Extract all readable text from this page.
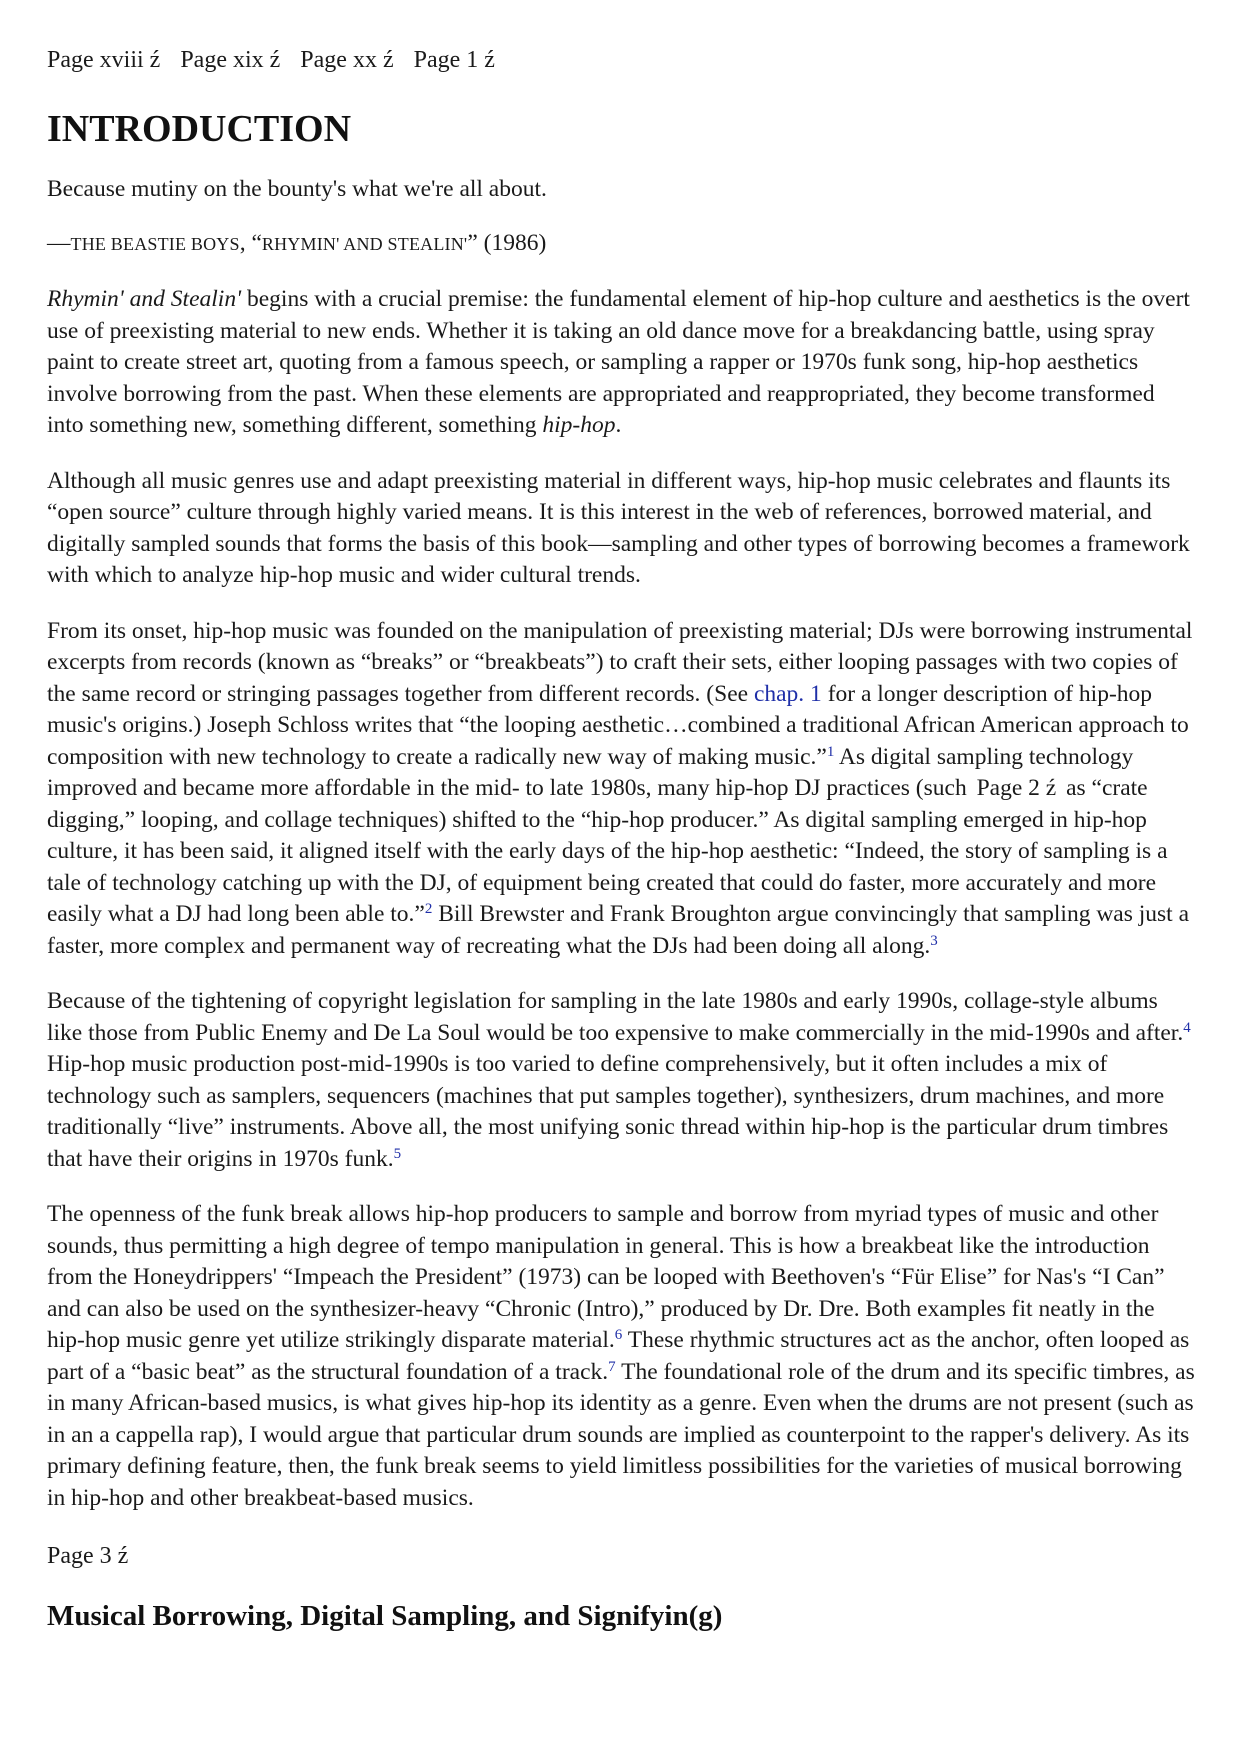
Page xviii ź Page xix ź Page xx ź Page 1 ź
INTRODUCTION

Because mutiny on the bounty's what we're all about.

—THE BEASTIE BOYS, “RHYMIN' AND STEALIN'” (1986)

Rhymin' and Stealin' begins with a crucial premise: the fundamental element of hip-hop culture and aesthetics is the overt use of preexisting material to new ends. Whether it is taking an old dance move for a breakdancing battle, using spray paint to create street art, quoting from a famous speech, or sampling a rapper or 1970s funk song, hip-hop aesthetics involve borrowing from the past. When these elements are appropriated and reappropriated, they become transformed into something new, something different, something hip-hop.

Although all music genres use and adapt preexisting material in different ways, hip-hop music celebrates and flaunts its “open source” culture through highly varied means. It is this interest in the web of references, borrowed material, and digitally sampled sounds that forms the basis of this book—sampling and other types of borrowing becomes a framework with which to analyze hip-hop music and wider cultural trends.

From its onset, hip-hop music was founded on the manipulation of preexisting material; DJs were borrowing instrumental excerpts from records (known as “breaks” or “breakbeats”) to craft their sets, either looping passages with two copies of the same record or stringing passages together from different records. (See chap. 1 for a longer description of hip-hop music's origins.) Joseph Schloss writes that “the looping aesthetic…combined a traditional African American approach to composition with new technology to create a radically new way of making music.”$^1$ As digital sampling technology improved and became more affordable in the mid- to late 1980s, many hip-hop DJ practices (such Page 2 ź as “crate digging,” looping, and collage techniques) shifted to the “hip-hop producer.” As digital sampling emerged in hip-hop culture, it has been said, it aligned itself with the early days of the hip-hop aesthetic: “Indeed, the story of sampling is a tale of technology catching up with the DJ, of equipment being created that could do faster, more accurately and more easily what a DJ had long been able to.”$^2$ Bill Brewster and Frank Broughton argue convincingly that sampling was just a faster, more complex and permanent way of recreating what the DJs had been doing all along.$^3$

Because of the tightening of copyright legislation for sampling in the late 1980s and early 1990s, collage-style albums like those from Public Enemy and De La Soul would be too expensive to make commercially in the mid-1990s and after.$^4$ Hip-hop music production post-mid-1990s is too varied to define comprehensively, but it often includes a mix of technology such as samplers, sequencers (machines that put samples together), synthesizers, drum machines, and more traditionally “live” instruments. Above all, the most unifying sonic thread within hip-hop is the particular drum timbres that have their origins in 1970s funk.$^5$

The openness of the funk break allows hip-hop producers to sample and borrow from myriad types of music and other sounds, thus permitting a high degree of tempo manipulation in general. This is how a breakbeat like the introduction from the Honeydrippers' “Impeach the President” (1973) can be looped with Beethoven's “Für Elise” for Nas's “I Can” and can also be used on the synthesizer-heavy “Chronic (Intro),” produced by Dr. Dre. Both examples fit neatly in the hip-hop music genre yet utilize strikingly disparate material.$^6$ These rhythmic structures act as the anchor, often looped as part of a “basic beat” as the structural foundation of a track.$^7$ The foundational role of the drum and its specific timbres, as in many African-based musics, is what gives hip-hop its identity as a genre. Even when the drums are not present (such as in an a cappella rap), I would argue that particular drum sounds are implied as counterpoint to the rapper's delivery. As its primary defining feature, then, the funk break seems to yield limitless possibilities for the varieties of musical borrowing in hip-hop and other breakbeat-based musics.

Page 3 ź
Musical Borrowing, Digital Sampling, and Signifyin(g)
